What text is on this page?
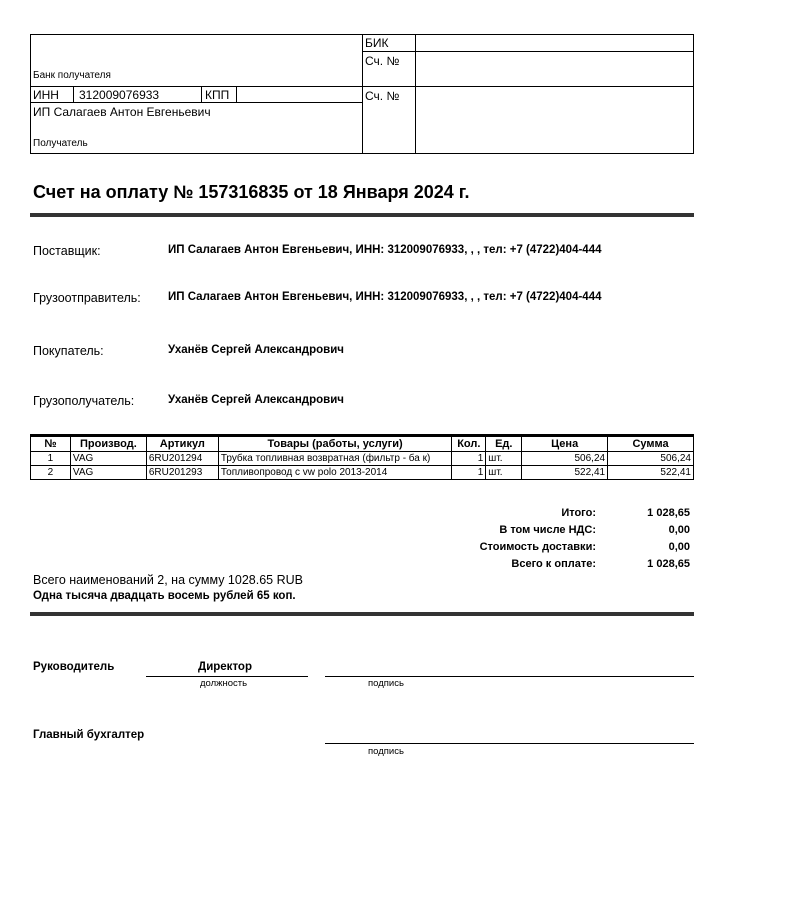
БИК
Сч. №
Сч. №
Банк получателя
ИНН 312009076933	КПП
ИП Салагаев Антон Евгеньевич
Получатель
Счет на оплату № 157316835 от 18 Января 2024 г.
Поставщик:	ИП Салагаев Антон Евгеньевич, ИНН: 312009076933, , , тел: +7 (4722)404-444
Грузоотправитель: ИП Салагаев Антон Евгеньевич, ИНН: 312009076933, , , тел: +7 (4722)404-444
Покупатель:	Уханёв Сергей Александрович
Грузополучатель:	Уханёв Сергей Александрович
№	Производ.	Артикул	Товары (работы, услуги)	Кол.	Ед.	Цена	Сумма
1	VAG	6RU201294	Трубка топливная возвратная (фильтр - ба к)	1	шт.	506,24	506,24
2	VAG	6RU201293	Топливопровод с vw polo 2013-2014	1	шт.	522,41	522,41
Итого:	1 028,65
В том числе НДС:	0,00
Стоимость доставки:	0,00
Всего к оплате:	1 028,65
Всего наименований 2, на сумму 1028.65 RUB
Одна тысяча двадцать восемь рублей 65 коп.
Руководитель	Директор
должность	подпись
Главный бухгалтер
подпись
